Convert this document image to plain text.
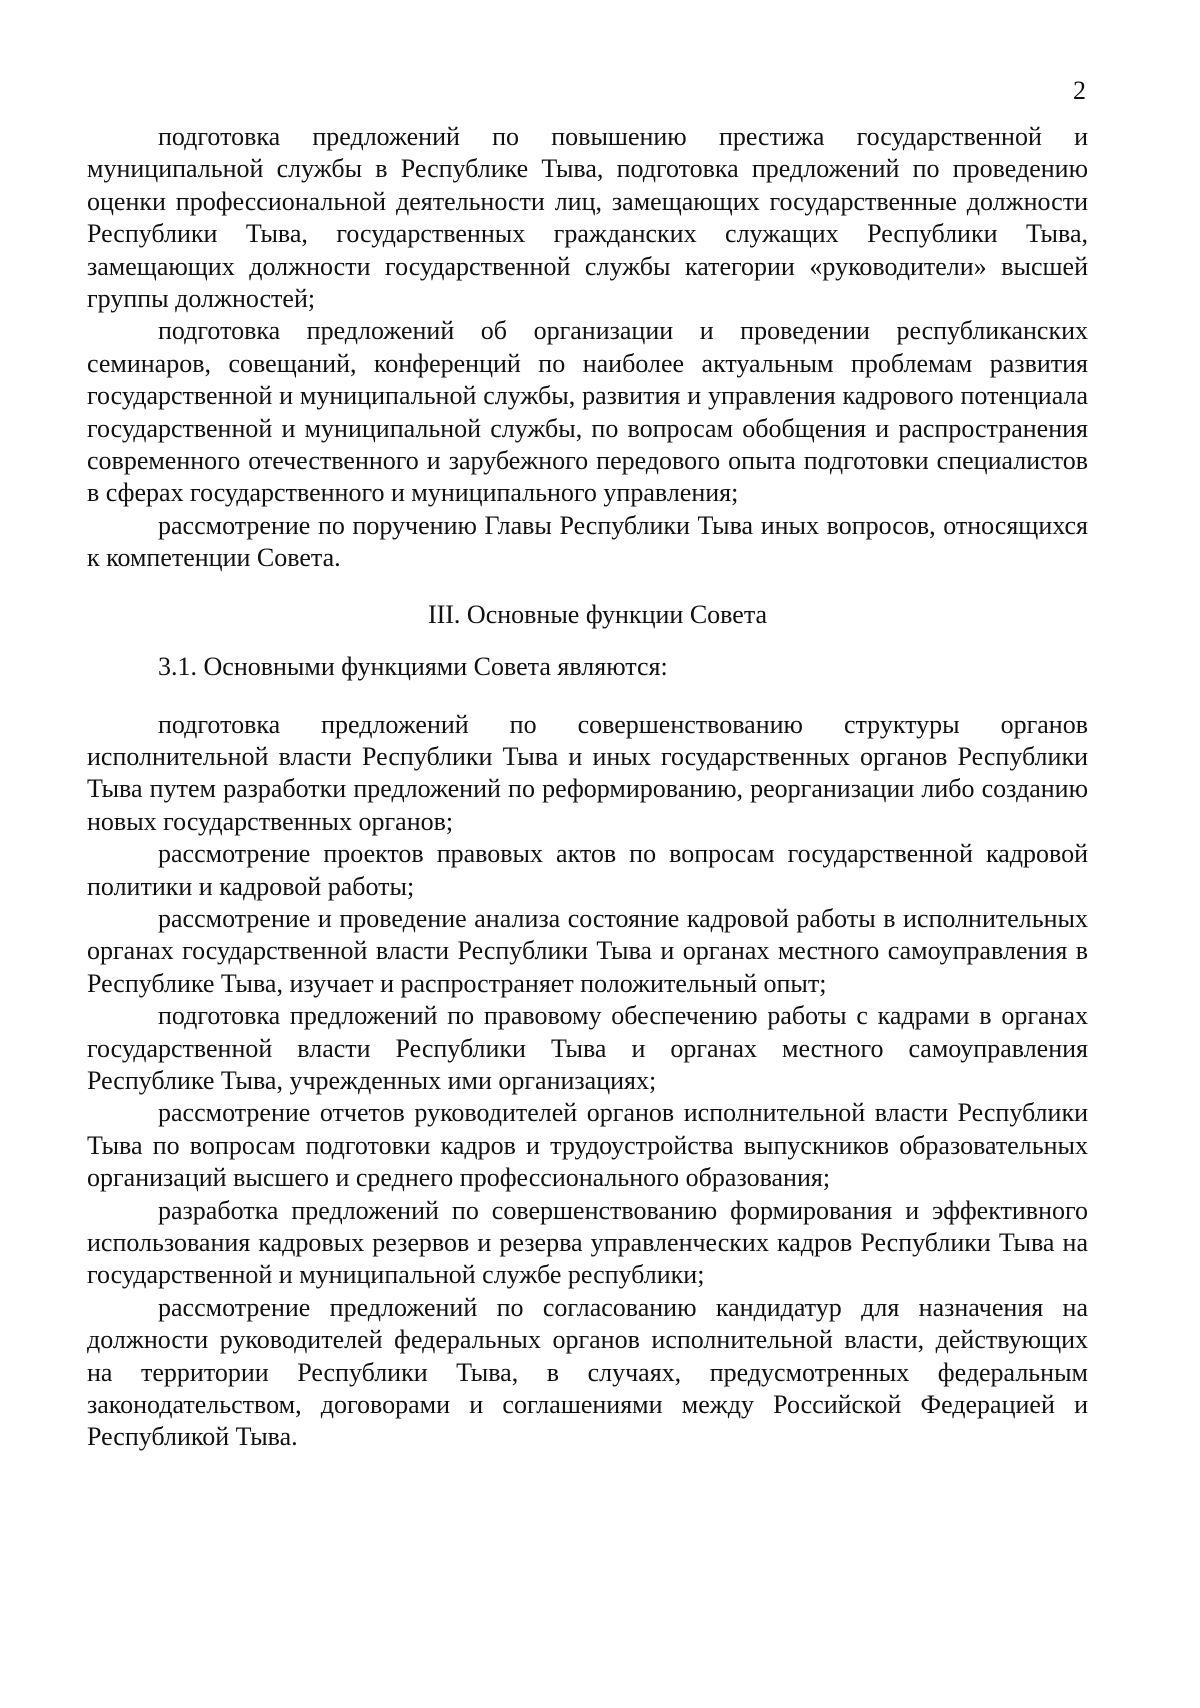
2

подготовка предложений по повышению престижа государственной и муниципальной службы в Республике Тыва, подготовка предложений по проведению оценки профессиональной деятельности лиц, замещающих государственные должности Республики Тыва, государственных гражданских служащих Республики Тыва, замещающих должности государственной службы категории «руководители» высшей группы должностей;

подготовка предложений об организации и проведении республиканских семинаров, совещаний, конференций по наиболее актуальным проблемам развития государственной и муниципальной службы, развития и управления кадрового потенциала государственной и муниципальной службы, по вопросам обобщения и распространения современного отечественного и зарубежного передового опыта подготовки специалистов в сферах государственного и муниципального управления;

рассмотрение по поручению Главы Республики Тыва иных вопросов, относящихся к компетенции Совета.

III. Основные функции Совета

3.1. Основными функциями Совета являются:

подготовка предложений по совершенствованию структуры органов исполнительной власти Республики Тыва и иных государственных органов Республики Тыва путем разработки предложений по реформированию, реорганизации либо созданию новых государственных органов;

рассмотрение проектов правовых актов по вопросам государственной кадровой политики и кадровой работы;

рассмотрение и проведение анализа состояние кадровой работы в исполнительных органах государственной власти Республики Тыва и органах местного самоуправления в Республике Тыва, изучает и распространяет положительный опыт;

подготовка предложений по правовому обеспечению работы с кадрами в органах государственной власти Республики Тыва и органах местного самоуправления Республике Тыва, учрежденных ими организациях;

рассмотрение отчетов руководителей органов исполнительной власти Республики Тыва по вопросам подготовки кадров и трудоустройства выпускников образовательных организаций высшего и среднего профессионального образования;

разработка предложений по совершенствованию формирования и эффективного использования кадровых резервов и резерва управленческих кадров Республики Тыва на государственной и муниципальной службе республики;

рассмотрение предложений по согласованию кандидатур для назначения на должности руководителей федеральных органов исполнительной власти, действующих на территории Республики Тыва, в случаях, предусмотренных федеральным законодательством, договорами и соглашениями между Российской Федерацией и Республикой Тыва.
